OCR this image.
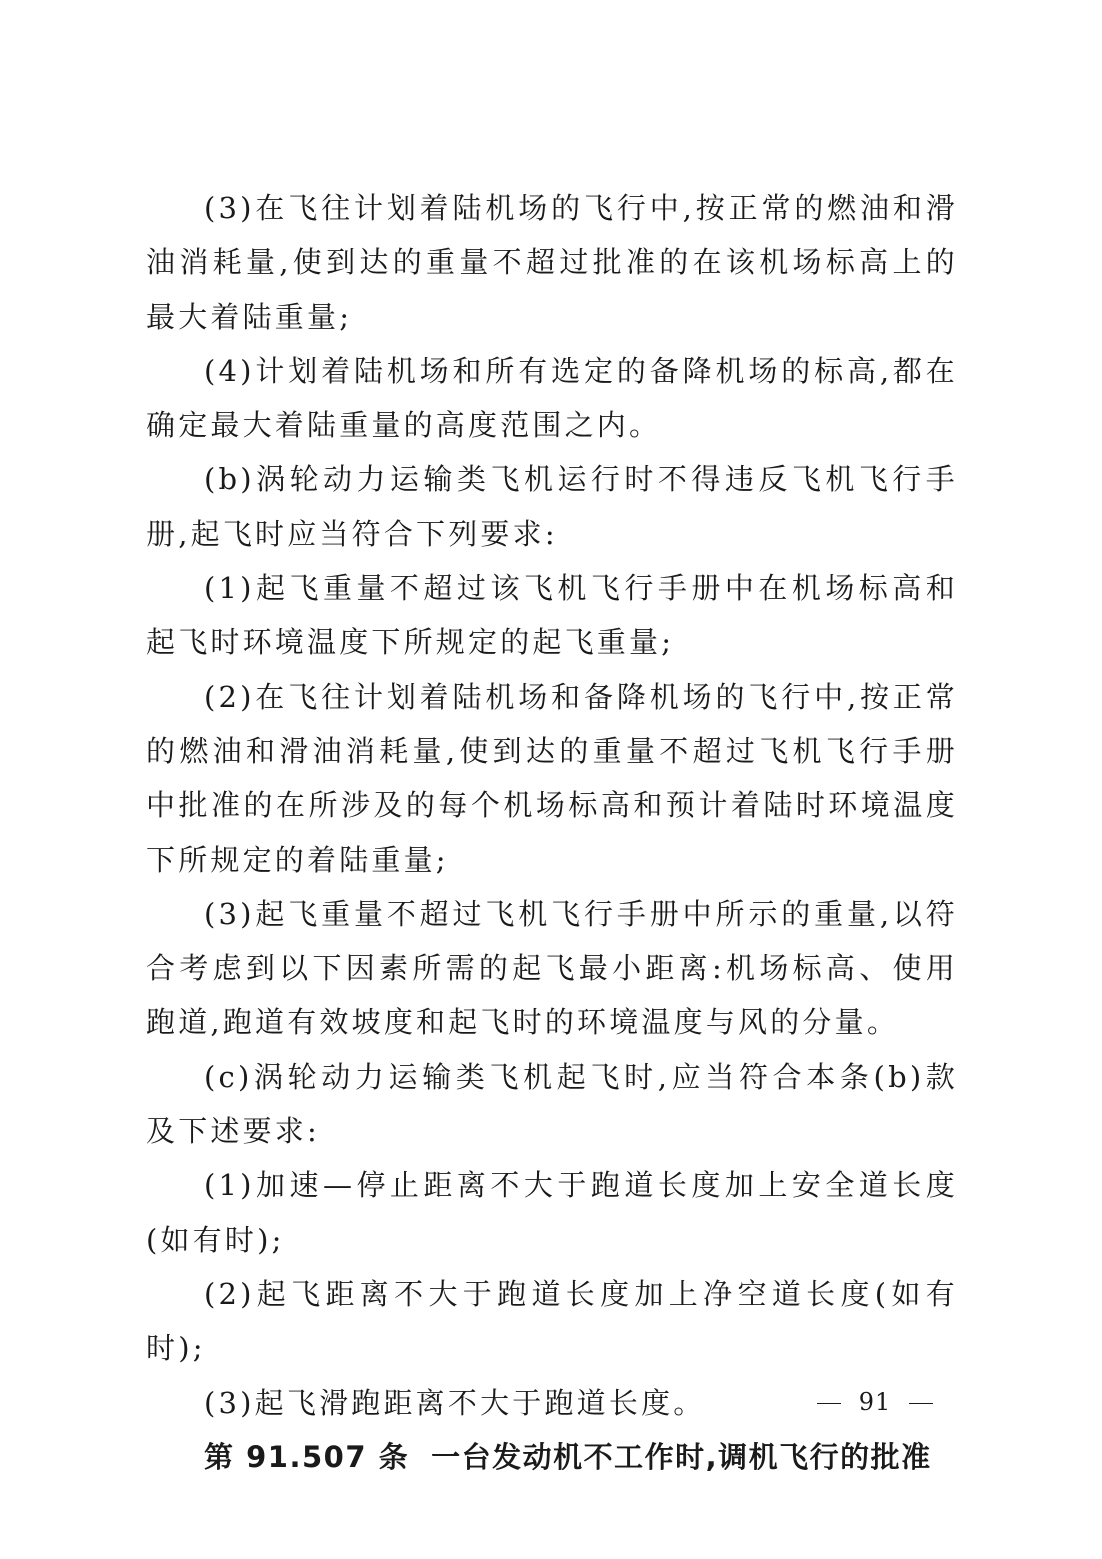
(3)在飞往计划着陆机场的飞行中,按正常的燃油和滑油消耗量,使到达的重量不超过批准的在该机场标高上的最大着陆重量;

(4)计划着陆机场和所有选定的备降机场的标高,都在确定最大着陆重量的高度范围之内。

(b)涡轮动力运输类飞机运行时不得违反飞机飞行手册,起飞时应当符合下列要求:

(1)起飞重量不超过该飞机飞行手册中在机场标高和起飞时环境温度下所规定的起飞重量;

(2)在飞往计划着陆机场和备降机场的飞行中,按正常的燃油和滑油消耗量,使到达的重量不超过飞机飞行手册中批准的在所涉及的每个机场标高和预计着陆时环境温度下所规定的着陆重量;

(3)起飞重量不超过飞机飞行手册中所示的重量,以符合考虑到以下因素所需的起飞最小距离:机场标高、使用跑道,跑道有效坡度和起飞时的环境温度与风的分量。

(c)涡轮动力运输类飞机起飞时,应当符合本条(b)款及下述要求:

(1)加速—停止距离不大于跑道长度加上安全道长度(如有时);

(2)起飞距离不大于跑道长度加上净空道长度(如有时);

(3)起飞滑跑距离不大于跑道长度。

第 91.507 条 一台发动机不工作时,调机飞行的批准

91
